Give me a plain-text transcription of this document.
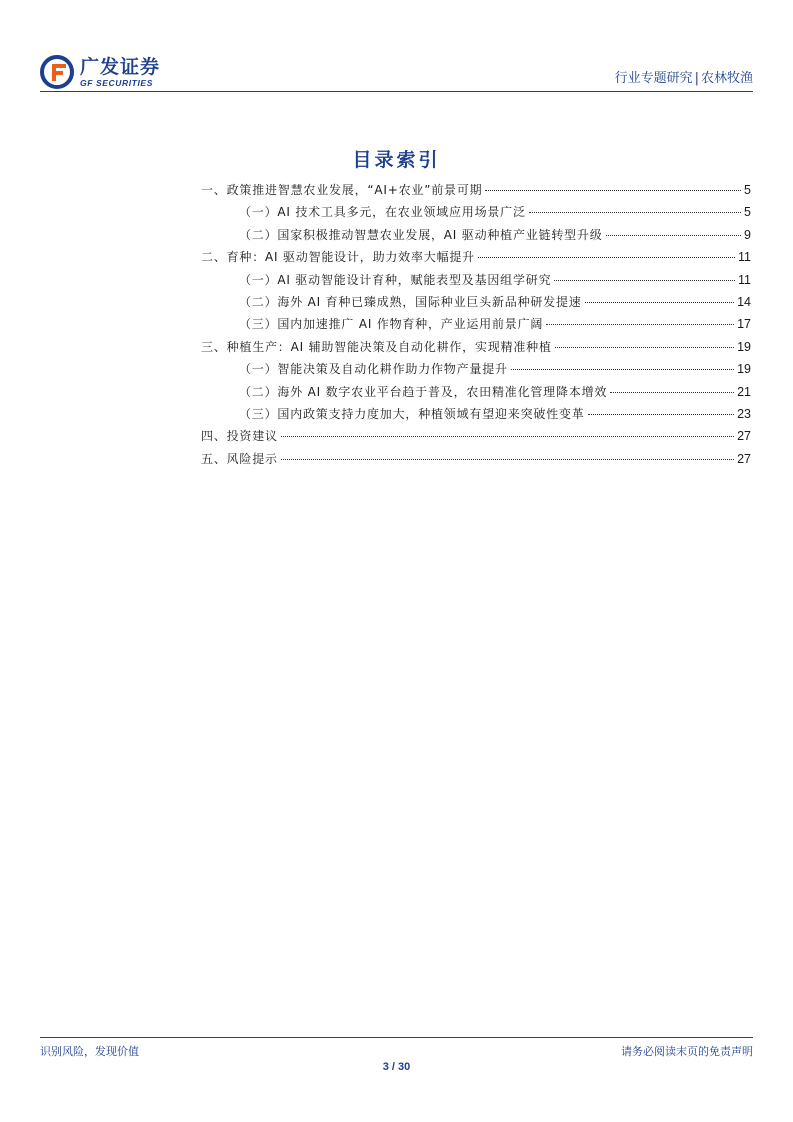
广发证券
GF SECURITIES	行业专题研究 | 农林牧渔
目录索引
一、政策推进智慧农业发展，“AI+农业”前景可期	5
（一）AI 技术工具多元，在农业领域应用场景广泛	5
（二）国家积极推动智慧农业发展，AI 驱动种植产业链转型升级	9
二、育种：AI 驱动智能设计，助力效率大幅提升	11
（一）AI 驱动智能设计育种，赋能表型及基因组学研究	11
（二）海外 AI 育种已臻成熟，国际种业巨头新品种研发提速	14
（三）国内加速推广 AI 作物育种，产业运用前景广阔	17
三、种植生产：AI 辅助智能决策及自动化耕作，实现精准种植	19
（一）智能决策及自动化耕作助力作物产量提升	19
（二）海外 AI 数字农业平台趋于普及，农田精准化管理降本增效	21
（三）国内政策支持力度加大，种植领域有望迎来突破性变革	23
四、投资建议	27
五、风险提示	27
识别风险，发现价值	请务必阅读末页的免责声明
3 / 30
